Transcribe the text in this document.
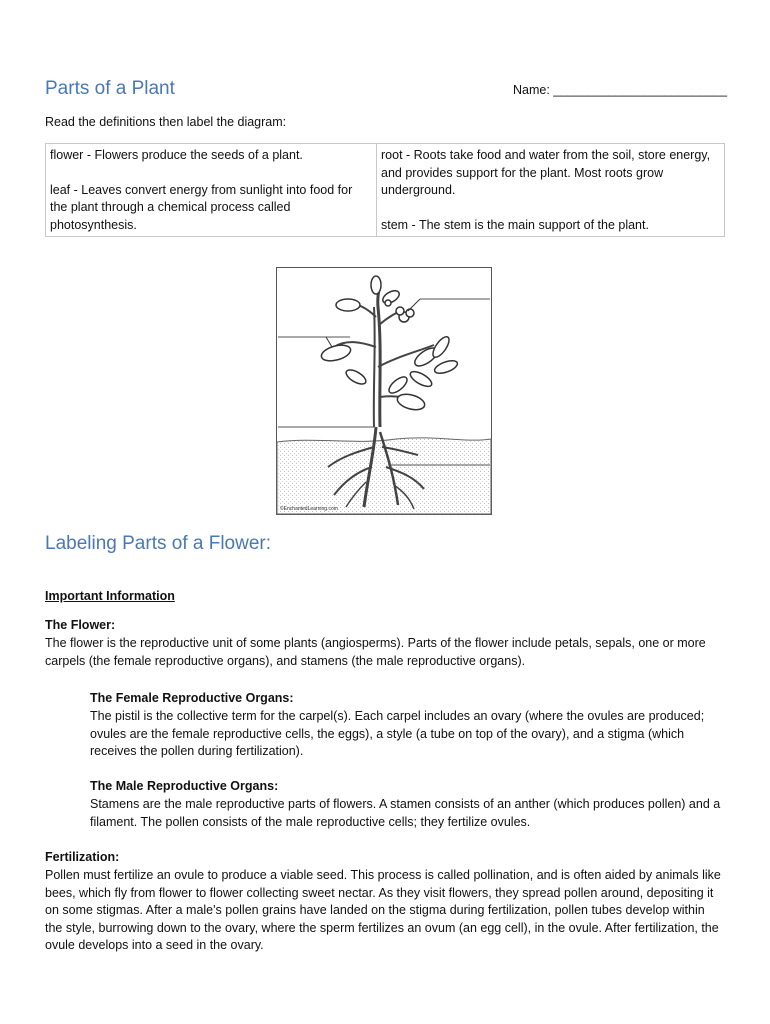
Parts of a Plant	Name: _________________________
Read the definitions then label the diagram:

flower - Flowers produce the seeds of a plant.

leaf - Leaves convert energy from sunlight into food for the plant through a chemical process called photosynthesis.

root - Roots take food and water from the soil, store energy, and provides support for the plant. Most roots grow underground.

stem - The stem is the main support of the plant.

©EnchantedLearning.com
Labeling Parts of a Flower:
Important Information
The Flower:
The flower is the reproductive unit of some plants (angiosperms). Parts of the flower include petals, sepals, one or more carpels (the female reproductive organs), and stamens (the male reproductive organs).
The Female Reproductive Organs:
The pistil is the collective term for the carpel(s). Each carpel includes an ovary (where the ovules are produced; ovules are the female reproductive cells, the eggs), a style (a tube on top of the ovary), and a stigma (which receives the pollen during fertilization).
The Male Reproductive Organs:
Stamens are the male reproductive parts of flowers. A stamen consists of an anther (which produces pollen) and a filament. The pollen consists of the male reproductive cells; they fertilize ovules.
Fertilization:
Pollen must fertilize an ovule to produce a viable seed. This process is called pollination, and is often aided by animals like bees, which fly from flower to flower collecting sweet nectar. As they visit flowers, they spread pollen around, depositing it on some stigmas. After a male's pollen grains have landed on the stigma during fertilization, pollen tubes develop within the style, burrowing down to the ovary, where the sperm fertilizes an ovum (an egg cell), in the ovule. After fertilization, the ovule develops into a seed in the ovary.
